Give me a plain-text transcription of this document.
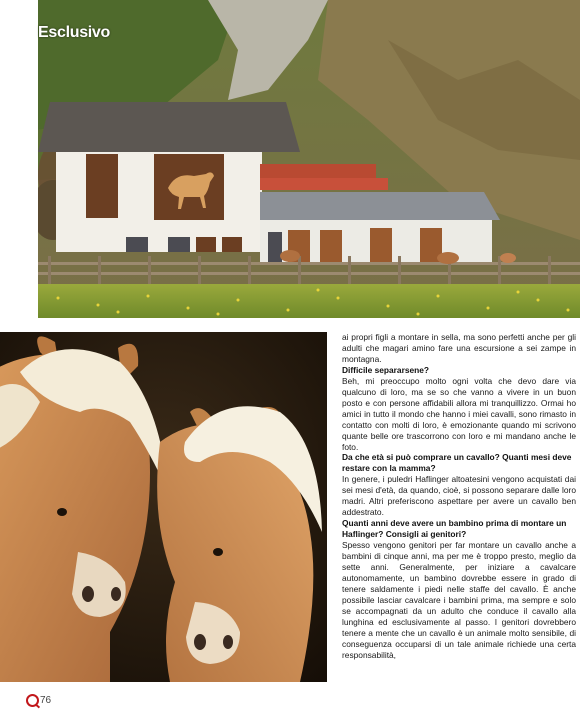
Esclusivo

ai propri figli a montare in sella, ma sono perfetti anche per gli adulti che magari amino fare una escursione a sei zampe in montagna.

Difficile separarsene?

Beh, mi preoccupo molto ogni volta che devo dare via qualcuno di loro, ma se so che vanno a vivere in un buon posto e con persone affidabili allora mi tranquillizzo. Ormai ho amici in tutto il mondo che hanno i miei cavalli, sono rimasto in contatto con molti di loro, è emozionante quando mi scrivono quante belle ore trascorrono con loro e mi mandano anche le foto.

Da che età si può comprare un cavallo? Quanti mesi deve restare con la mamma?

In genere, i puledri Haflinger altoatesini vengono acquistati dai sei mesi d'età, da quando, cioè, si possono separare dalle loro madri. Altri preferiscono aspettare per avere un cavallo ben addestrato.

Quanti anni deve avere un bambino prima di montare un Haflinger? Consigli ai genitori?

Spesso vengono genitori per far montare un cavallo anche a bambini di cinque anni, ma per me è troppo presto, meglio da sette anni. Generalmente, per iniziare a cavalcare autonomamente, un bambino dovrebbe essere in grado di tenere saldamente i piedi nelle staffe del cavallo. È anche possibile lasciar cavalcare i bambini prima, ma sempre e solo se accompagnati da un adulto che conduce il cavallo alla lunghina ed esclusivamente al passo. I genitori dovrebbero tenere a mente che un cavallo è un animale molto sensibile, di conseguenza occuparsi di un tale animale richiede una certa responsabilità,

76
